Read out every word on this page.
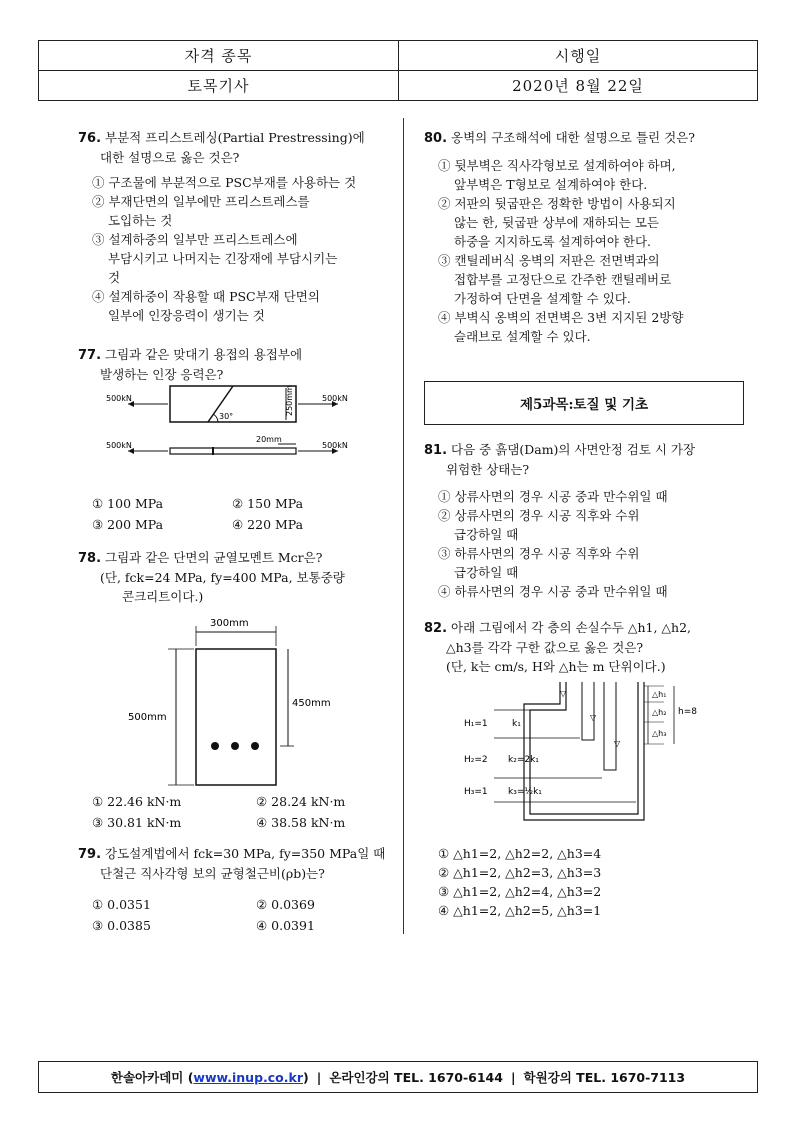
자격 종목	시행일
토목기사	2020년 8월 22일
76. 부분적 프리스트레싱(Partial Prestressing)에
대한 설명으로 옳은 것은?
① 구조물에 부분적으로 PSC부재를 사용하는 것
② 부재단면의 일부에만 프리스트레스를
도입하는 것
③ 설계하중의 일부만 프리스트레스에
부담시키고 나머지는 긴장재에 부담시키는
것
④ 설계하중이 작용할 때 PSC부재 단면의
일부에 인장응력이 생기는 것
77. 그림과 같은 맞대기 용접의 용접부에
발생하는 인장 응력은?
30°
250mm
500kN	500kN
500kN	500kN
20mm
① 100 MPa	② 150 MPa
③ 200 MPa	④ 220 MPa
78. 그림과 같은 단면의 균열모멘트 Mcr은?
(단, fck=24 MPa, fy=400 MPa, 보통중량
콘크리트이다.)
300mm
500mm
450mm
① 22.46 kN·m	② 28.24 kN·m
③ 30.81 kN·m	④ 38.58 kN·m
79. 강도설계법에서 fck=30 MPa, fy=350 MPa일 때
단철근 직사각형 보의 균형철근비(ρb)는?
① 0.0351	② 0.0369
③ 0.0385	④ 0.0391
80. 옹벽의 구조해석에 대한 설명으로 틀린 것은?
① 뒷부벽은 직사각형보로 설계하여야 하며,
앞부벽은 T형보로 설계하여야 한다.
② 저판의 뒷굽판은 정확한 방법이 사용되지
않는 한, 뒷굽판 상부에 재하되는 모든
하중을 지지하도록 설계하여야 한다.
③ 캔틸레버식 옹벽의 저판은 전면벽과의
접합부를 고정단으로 간주한 캔틸레버로
가정하여 단면을 설계할 수 있다.
④ 부벽식 옹벽의 전면벽은 3변 지지된 2방향
슬래브로 설계할 수 있다.
81. 다음 중 흙댐(Dam)의 사면안정 검토 시 가장
위험한 상태는?
① 상류사면의 경우 시공 중과 만수위일 때
② 상류사면의 경우 시공 직후와 수위
급강하일 때
③ 하류사면의 경우 시공 직후와 수위
급강하일 때
④ 하류사면의 경우 시공 중과 만수위일 때
82. 아래 그림에서 각 층의 손실수두 △h1, △h2,
△h3를 각각 구한 값으로 옳은 것은?
(단, k는 cm/s, H와 △h는 m 단위이다.)
H₁=1
H₂=2
H₃=1
k₁
k₂=2k₁
k₃=½k₁
▽
▽
▽
△h₁
△h₂
△h₃
h=8
① △h1=2, △h2=2, △h3=4
② △h1=2, △h2=3, △h3=3
③ △h1=2, △h2=4, △h3=2
④ △h1=2, △h2=5, △h3=1
제5과목:토질 및 기초
한솔아카데미 ( www.inup.co.kr ) | 온라인강의 TEL. 1670-6144 | 학원강의 TEL. 1670-7113
